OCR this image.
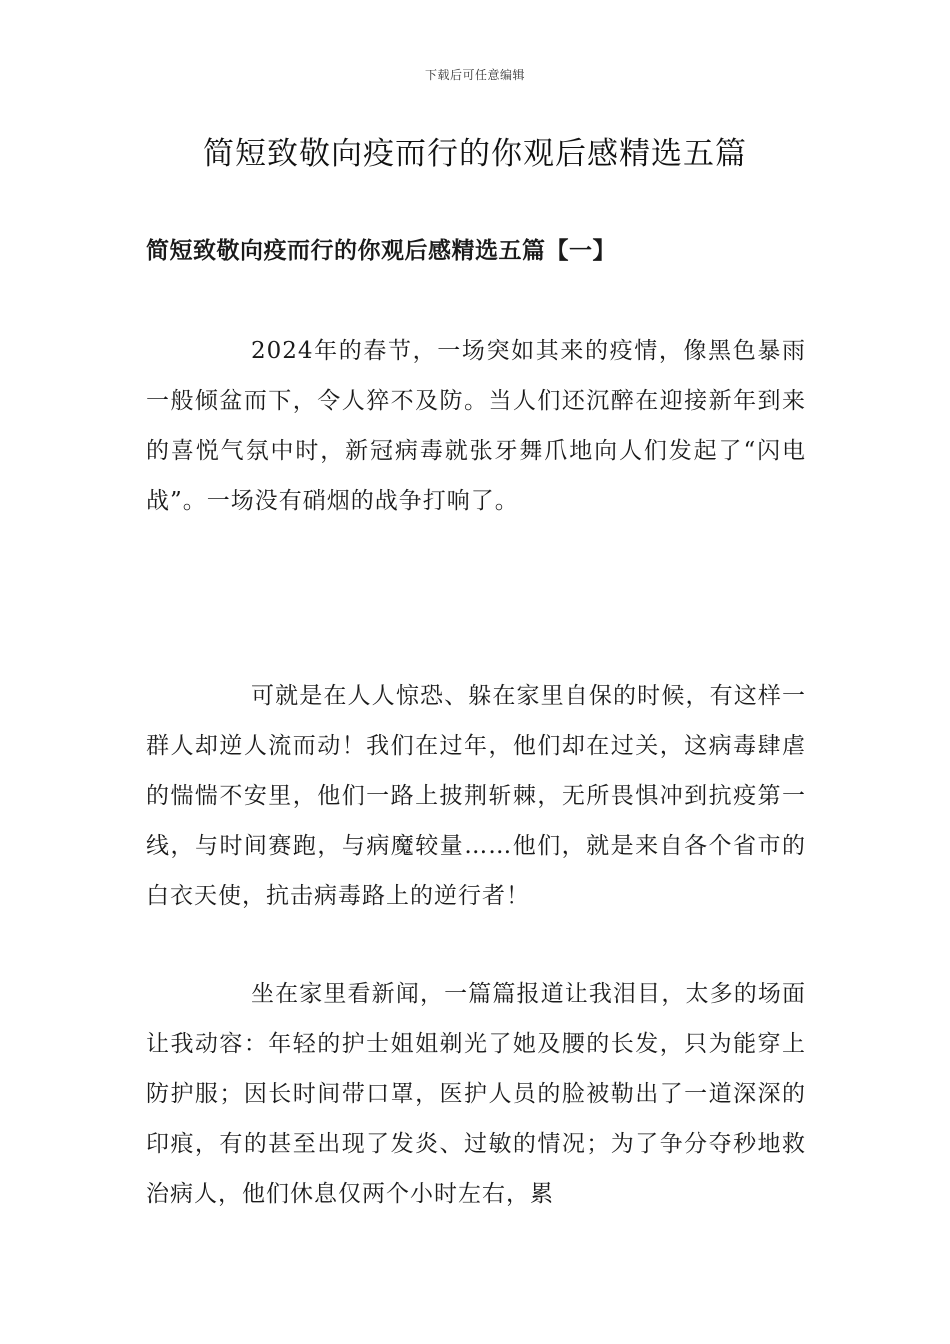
下载后可任意编辑
简短致敬向疫而行的你观后感精选五篇
简短致敬向疫而行的你观后感精选五篇【一】

2024年的春节，一场突如其来的疫情，像黑色暴雨一般倾盆而下，令人猝不及防。当人们还沉醉在迎接新年到来的喜悦气氛中时，新冠病毒就张牙舞爪地向人们发起了“闪电战”。一场没有硝烟的战争打响了。

可就是在人人惊恐、躲在家里自保的时候，有这样一群人却逆人流而动！我们在过年，他们却在过关，这病毒肆虐的惴惴不安里，他们一路上披荆斩棘，无所畏惧冲到抗疫第一线，与时间赛跑，与病魔较量……他们，就是来自各个省市的白衣天使，抗击病毒路上的逆行者！

坐在家里看新闻，一篇篇报道让我泪目，太多的场面让我动容：年轻的护士姐姐剃光了她及腰的长发，只为能穿上防护服；因长时间带口罩，医护人员的脸被勒出了一道深深的印痕，有的甚至出现了发炎、过敏的情况；为了争分夺秒地救治病人，他们休息仅两个小时左右，累
